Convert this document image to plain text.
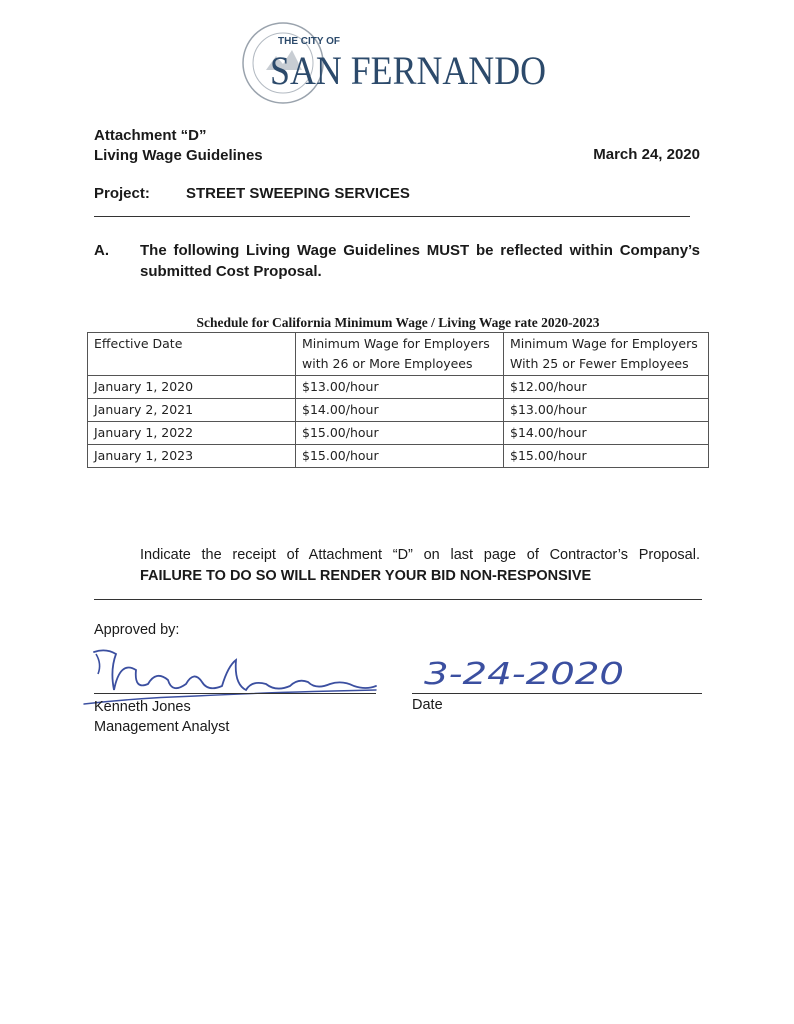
THE CITY OF
SAN FERNANDO
Attachment “D”
Living Wage Guidelines	March 24, 2020
Project: STREET SWEEPING SERVICES
A. The following Living Wage Guidelines MUST be reflected within Company’s submitted Cost Proposal.
Schedule for California Minimum Wage / Living Wage rate 2020-2023
Effective Date	Minimum Wage for Employers with 26 or More Employees	Minimum Wage for Employers With 25 or Fewer Employees
January 1, 2020	$13.00/hour	$12.00/hour
January 2, 2021	$14.00/hour	$13.00/hour
January 1, 2022	$15.00/hour	$14.00/hour
January 1, 2023	$15.00/hour	$15.00/hour
Indicate the receipt of Attachment “D” on last page of Contractor’s Proposal.
FAILURE TO DO SO WILL RENDER YOUR BID NON-RESPONSIVE
Approved by:
Kenneth Jones
Management Analyst
3-24-2020
Date
